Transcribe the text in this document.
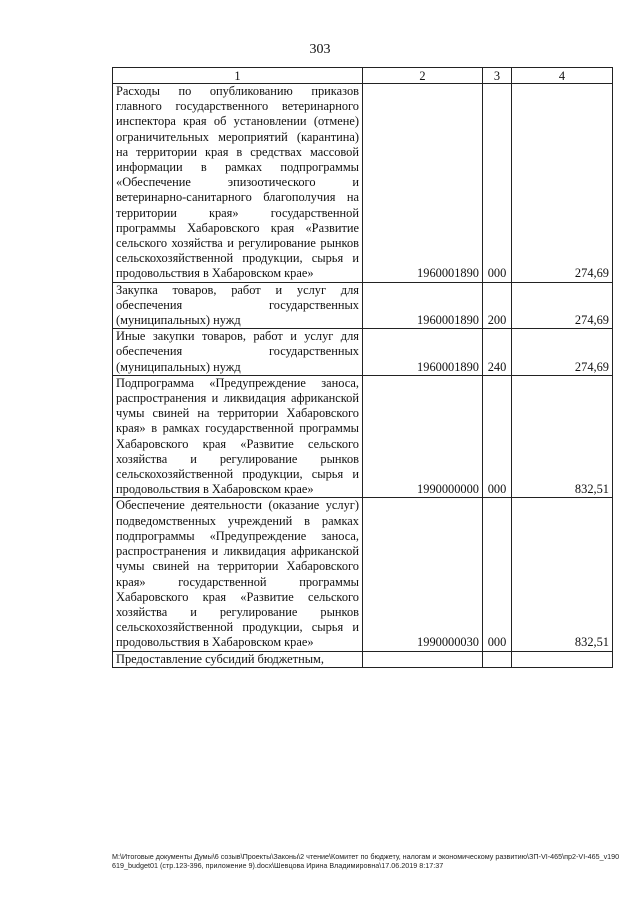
303
1	2	3	4
Расходы по опубликованию приказов главного государственного ветеринарного инспектора края об установлении (отмене) ограничительных мероприятий (карантина) на территории края в средствах массовой информации в рамках подпрограммы «Обеспечение эпизоотического и ветеринарно-санитарного благополучия на территории края» государственной программы Хабаровского края «Развитие сельского хозяйства и регулирование рынков сельскохозяйственной продукции, сырья и продовольствия в Хабаровском крае»	1960001890	000	274,69
Закупка товаров, работ и услуг для обеспечения государственных (муниципальных) нужд	1960001890	200	274,69
Иные закупки товаров, работ и услуг для обеспечения государственных (муниципальных) нужд	1960001890	240	274,69
Подпрограмма «Предупреждение заноса, распространения и ликвидация африканской чумы свиней на территории Хабаровского края» в рамках государственной программы Хабаровского края «Развитие сельского хозяйства и регулирование рынков сельскохозяйственной продукции, сырья и продовольствия в Хабаровском крае»	1990000000	000	832,51
Обеспечение деятельности (оказание услуг) подведомственных учреждений в рамках подпрограммы «Предупреждение заноса, распространения и ликвидация африканской чумы свиней на территории Хабаровского края» государственной программы Хабаровского края «Развитие сельского хозяйства и регулирование рынков сельскохозяйственной продукции, сырья и продовольствия в Хабаровском крае»	1990000030	000	832,51
Предоставление субсидий бюджетным,			
M:\Итоговые документы Думы\6 созыв\Проекты\Законы\2 чтение\Комитет по бюджету, налогам и экономическому развитию\ЗП-VI-465\пр2-VI-465_v190619_budget01 (стр.123-396, приложение 9).docx\Шевцова Ирина Владимировна\17.06.2019 8:17:37
